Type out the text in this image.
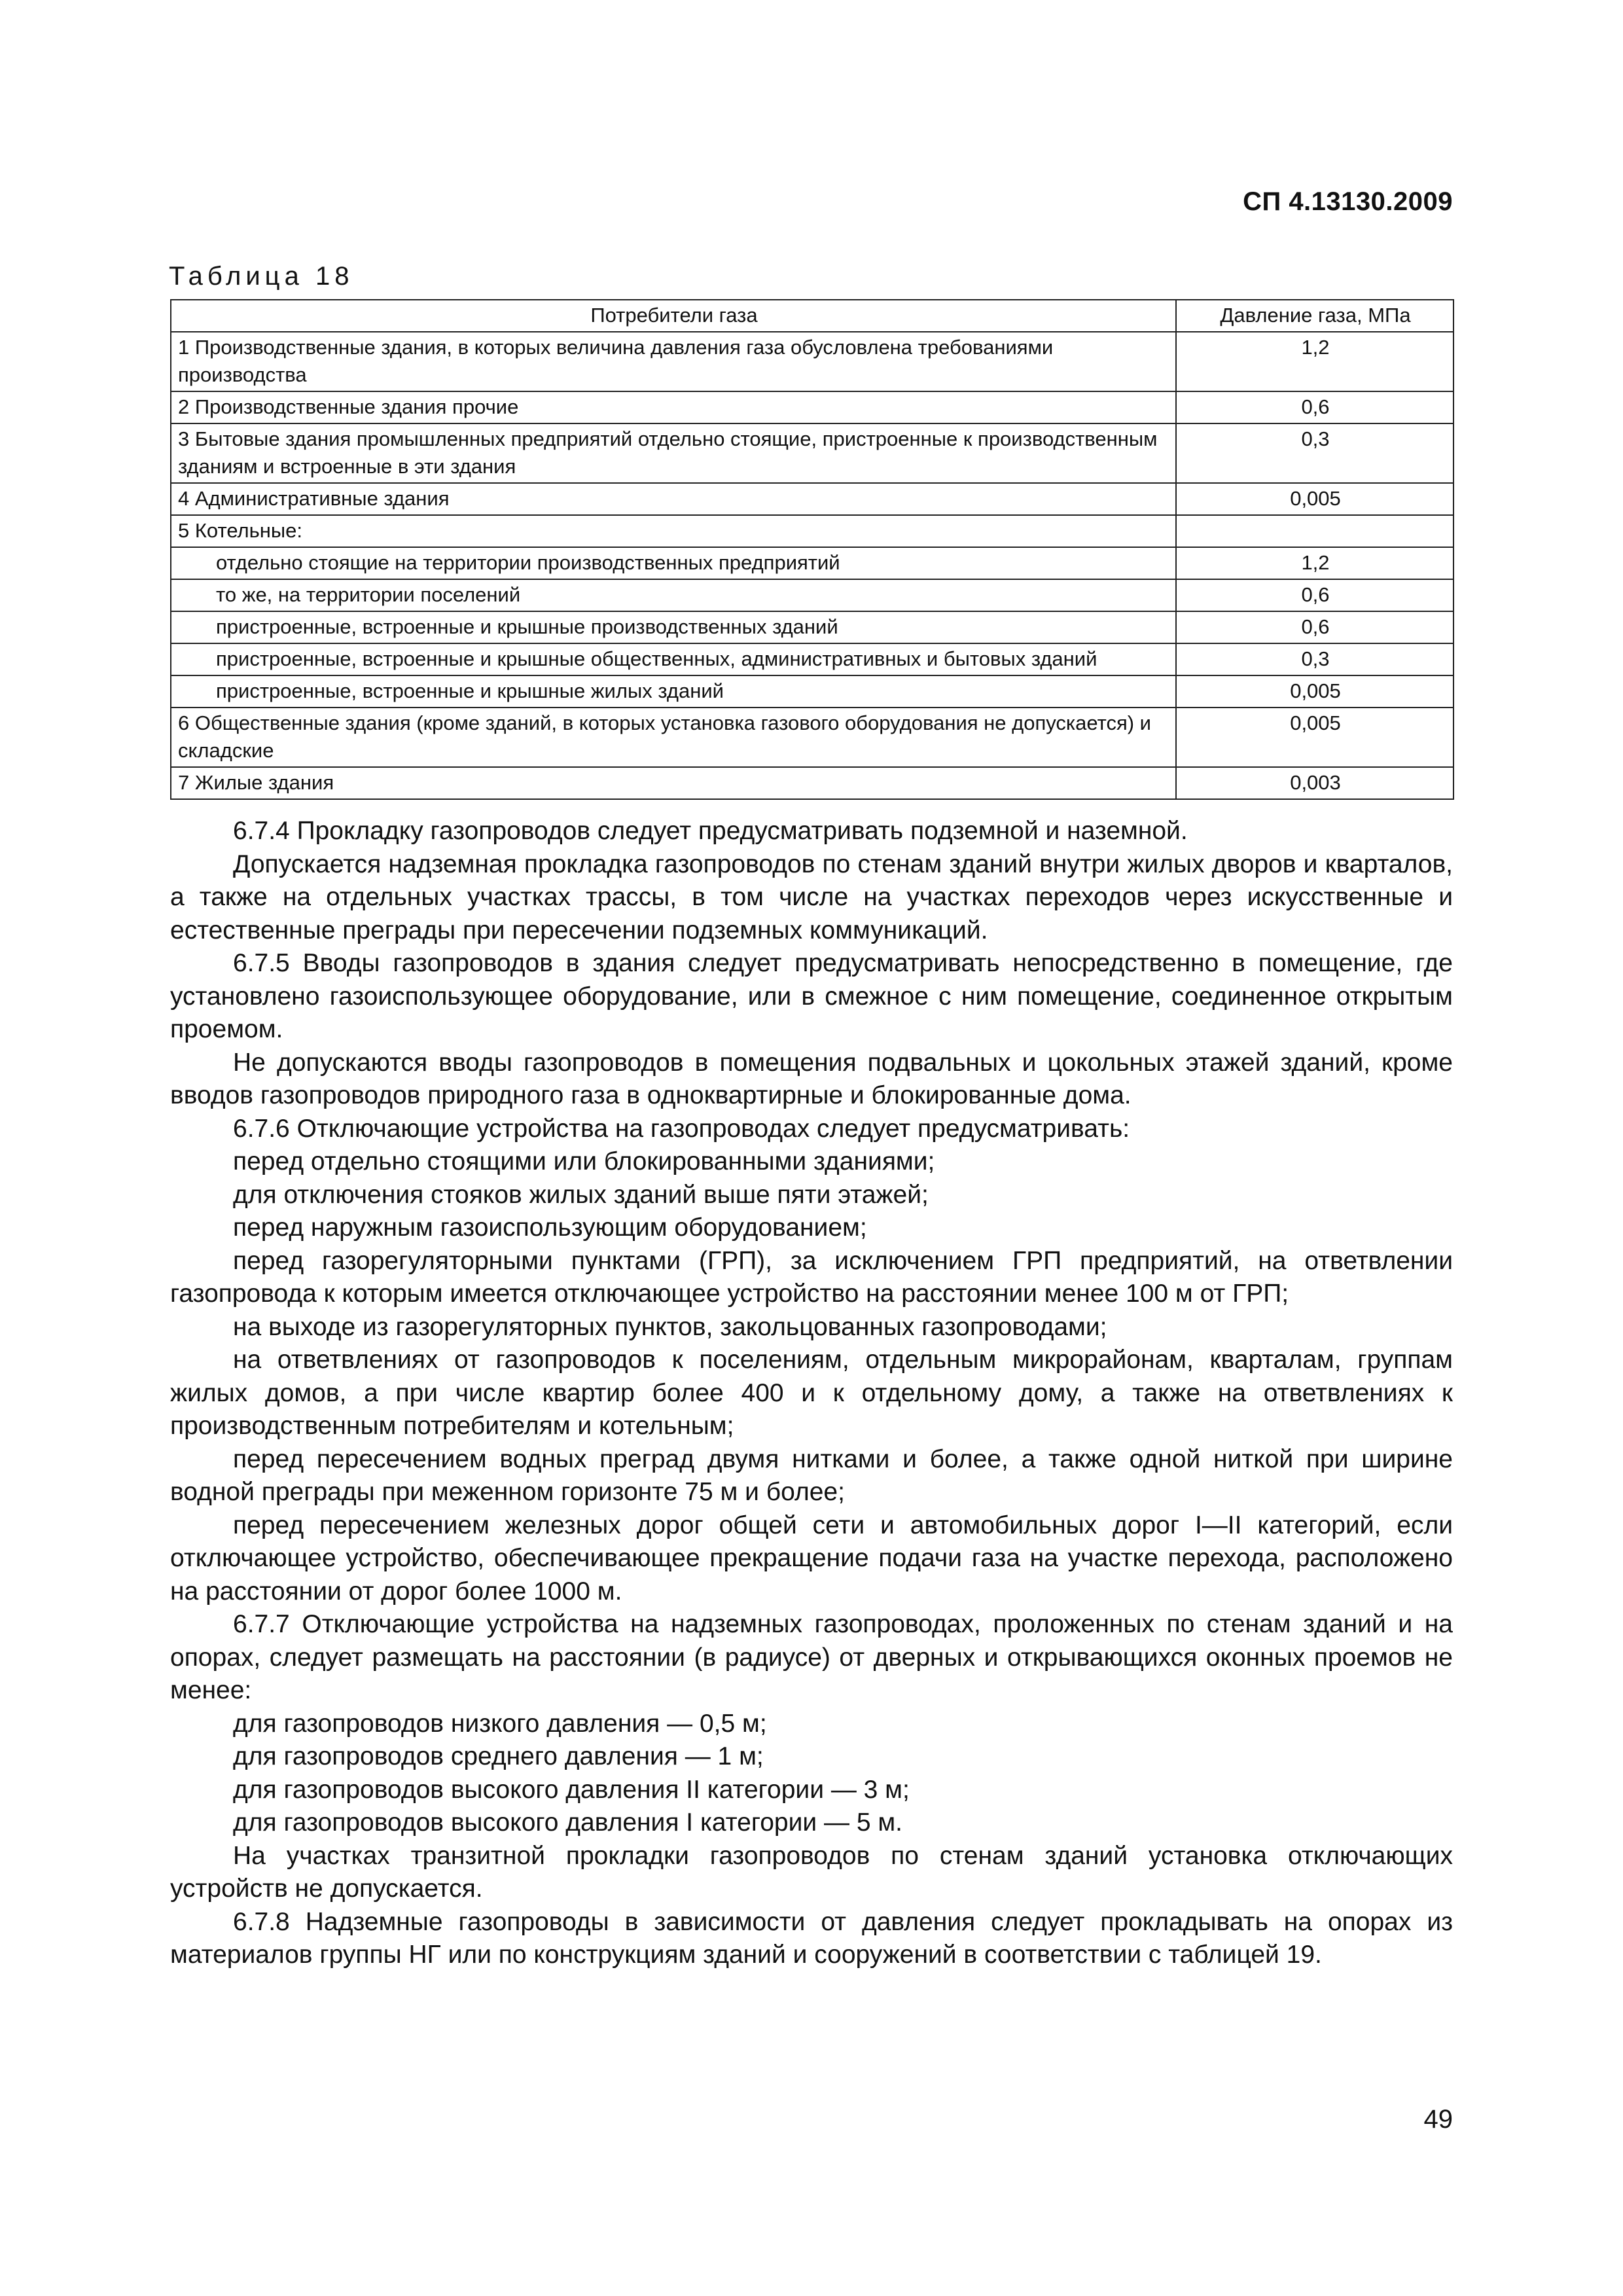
СП 4.13130.2009
Таблица 18
Потребители газа	Давление газа, МПа
1 Производственные здания, в которых величина давления газа обусловлена требованиями производства	1,2
2 Производственные здания прочие	0,6
3 Бытовые здания промышленных предприятий отдельно стоящие, пристроенные к производственным зданиям и встроенные в эти здания	0,3
4 Административные здания	0,005
5 Котельные:	
отдельно стоящие на территории производственных предприятий	1,2
то же, на территории поселений	0,6
пристроенные, встроенные и крышные производственных зданий	0,6
пристроенные, встроенные и крышные общественных, административных и бытовых зданий	0,3
пристроенные, встроенные и крышные жилых зданий	0,005
6 Общественные здания (кроме зданий, в которых установка газового оборудования не допускается) и складские	0,005
7 Жилые здания	0,003

6.7.4 Прокладку газопроводов следует предусматривать подземной и наземной.

Допускается надземная прокладка газопроводов по стенам зданий внутри жилых дворов и кварталов, а также на отдельных участках трассы, в том числе на участках переходов через искусственные и естественные преграды при пересечении подземных коммуникаций.

6.7.5 Вводы газопроводов в здания следует предусматривать непосредственно в помещение, где установлено газоиспользующее оборудование, или в смежное с ним помещение, соединенное открытым проемом.

Не допускаются вводы газопроводов в помещения подвальных и цокольных этажей зданий, кроме вводов газопроводов природного газа в одноквартирные и блокированные дома.

6.7.6 Отключающие устройства на газопроводах следует предусматривать:

перед отдельно стоящими или блокированными зданиями;

для отключения стояков жилых зданий выше пяти этажей;

перед наружным газоиспользующим оборудованием;

перед газорегуляторными пунктами (ГРП), за исключением ГРП предприятий, на ответвлении газопровода к которым имеется отключающее устройство на расстоянии менее 100 м от ГРП;

на выходе из газорегуляторных пунктов, закольцованных газопроводами;

на ответвлениях от газопроводов к поселениям, отдельным микрорайонам, кварталам, группам жилых домов, а при числе квартир более 400 и к отдельному дому, а также на ответвлениях к производственным потребителям и котельным;

перед пересечением водных преград двумя нитками и более, а также одной ниткой при ширине водной преграды при меженном горизонте 75 м и более;

перед пересечением железных дорог общей сети и автомобильных дорог I—II категорий, если отключающее устройство, обеспечивающее прекращение подачи газа на участке перехода, расположено на расстоянии от дорог более 1000 м.

6.7.7 Отключающие устройства на надземных газопроводах, проложенных по стенам зданий и на опорах, следует размещать на расстоянии (в радиусе) от дверных и открывающихся оконных проемов не менее:

для газопроводов низкого давления — 0,5 м;

для газопроводов среднего давления — 1 м;

для газопроводов высокого давления II категории — 3 м;

для газопроводов высокого давления I категории — 5 м.

На участках транзитной прокладки газопроводов по стенам зданий установка отключающих устройств не допускается.

6.7.8 Надземные газопроводы в зависимости от давления следует прокладывать на опорах из материалов группы НГ или по конструкциям зданий и сооружений в соответствии с таблицей 19.

49
